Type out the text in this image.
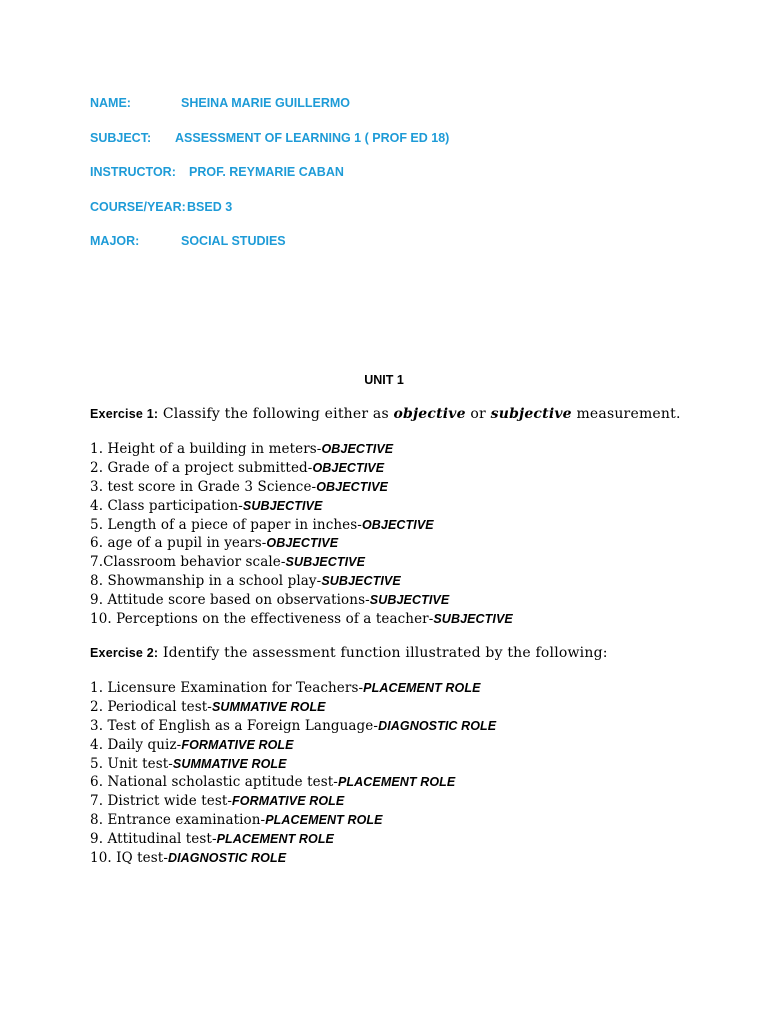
NAME:	SHEINA MARIE GUILLERMO
SUBJECT: ASSESSMENT OF LEARNING 1 ( PROF ED 18)
INSTRUCTOR: PROF. REYMARIE CABAN
COURSE/YEAR: BSED 3
MAJOR:	SOCIAL STUDIES
UNIT 1
Exercise 1: Classify the following either as objective or subjective measurement.
1. Height of a building in meters-OBJECTIVE
2. Grade of a project submitted-OBJECTIVE
3. test score in Grade 3 Science-OBJECTIVE
4. Class participation-SUBJECTIVE
5. Length of a piece of paper in inches-OBJECTIVE
6. age of a pupil in years-OBJECTIVE
7.Classroom behavior scale-SUBJECTIVE
8. Showmanship in a school play-SUBJECTIVE
9. Attitude score based on observations-SUBJECTIVE
10. Perceptions on the effectiveness of a teacher-SUBJECTIVE
Exercise 2: Identify the assessment function illustrated by the following:
1. Licensure Examination for Teachers-PLACEMENT ROLE
2. Periodical test-SUMMATIVE ROLE
3. Test of English as a Foreign Language-DIAGNOSTIC ROLE
4. Daily quiz-FORMATIVE ROLE
5. Unit test-SUMMATIVE ROLE
6. National scholastic aptitude test-PLACEMENT ROLE
7. District wide test-FORMATIVE ROLE
8. Entrance examination-PLACEMENT ROLE
9. Attitudinal test-PLACEMENT ROLE
10. IQ test-DIAGNOSTIC ROLE
